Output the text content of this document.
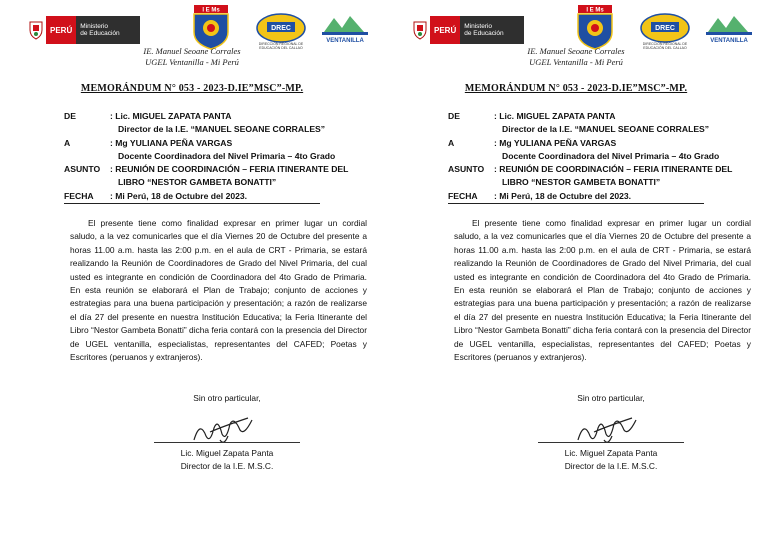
PERÚ	Ministerio
de Educación
I E Ms
DREC
DIRECCIÓN REGIONAL DE EDUCACIÓN DEL CALLAO
VENTANILLA
IE. Manuel Seoane Corrales
UGEL Ventanilla - Mi Perú
MEMORÁNDUM N° 053 - 2023-D.IE”MSC”-MP.
DE	: Lic. MIGUEL ZAPATA PANTA
Director de la I.E. “MANUEL SEOANE CORRALES”
A	: Mg YULIANA PEÑA VARGAS
Docente Coordinadora del Nivel Primaria – 4to Grado
ASUNTO : REUNIÓN DE COORDINACIÓN – FERIA ITINERANTE DEL
LIBRO “NESTOR GAMBETA BONATTI”
FECHA : Mi Perú, 18 de Octubre del 2023.

El presente tiene como finalidad expresar en primer lugar un cordial saludo, a la vez comunicarles que el día Viernes 20 de Octubre del presente a horas 11.00 a.m. hasta las 2:00 p.m. en el aula de CRT - Primaria, se estará realizando la Reunión de Coordinadores de Grado del Nivel Primaria, del cual usted es integrante en condición de Coordinadora del 4to Grado de Primaria. En esta reunión se elaborará el Plan de Trabajo; conjunto de acciones y estrategias para una buena participación y presentación; a razón de realizarse el día 27 del presente en nuestra Institución Educativa; la Feria Itinerante del Libro “Nestor Gambeta Bonatti” dicha feria contará con la presencia del Director de UGEL ventanilla, especialistas, representantes del CAFED; Poetas y Escritores (peruanos y extranjeros).

Sin otro particular,
Lic. Miguel Zapata Panta
Director de la I.E. M.S.C.
PERÚ	Ministerio
de Educación
I E Ms
DREC
DIRECCIÓN REGIONAL DE EDUCACIÓN DEL CALLAO
VENTANILLA
IE. Manuel Seoane Corrales
UGEL Ventanilla - Mi Perú
MEMORÁNDUM N° 053 - 2023-D.IE”MSC”-MP.
DE	: Lic. MIGUEL ZAPATA PANTA
Director de la I.E. “MANUEL SEOANE CORRALES”
A	: Mg YULIANA PEÑA VARGAS
Docente Coordinadora del Nivel Primaria – 4to Grado
ASUNTO : REUNIÓN DE COORDINACIÓN – FERIA ITINERANTE DEL
LIBRO “NESTOR GAMBETA BONATTI”
FECHA : Mi Perú, 18 de Octubre del 2023.

El presente tiene como finalidad expresar en primer lugar un cordial saludo, a la vez comunicarles que el día Viernes 20 de Octubre del presente a horas 11.00 a.m. hasta las 2:00 p.m. en el aula de CRT - Primaria, se estará realizando la Reunión de Coordinadores de Grado del Nivel Primaria, del cual usted es integrante en condición de Coordinadora del 4to Grado de Primaria. En esta reunión se elaborará el Plan de Trabajo; conjunto de acciones y estrategias para una buena participación y presentación; a razón de realizarse el día 27 del presente en nuestra Institución Educativa; la Feria Itinerante del Libro “Nestor Gambeta Bonatti” dicha feria contará con la presencia del Director de UGEL ventanilla, especialistas, representantes del CAFED; Poetas y Escritores (peruanos y extranjeros).

Sin otro particular,
Lic. Miguel Zapata Panta
Director de la I.E. M.S.C.
